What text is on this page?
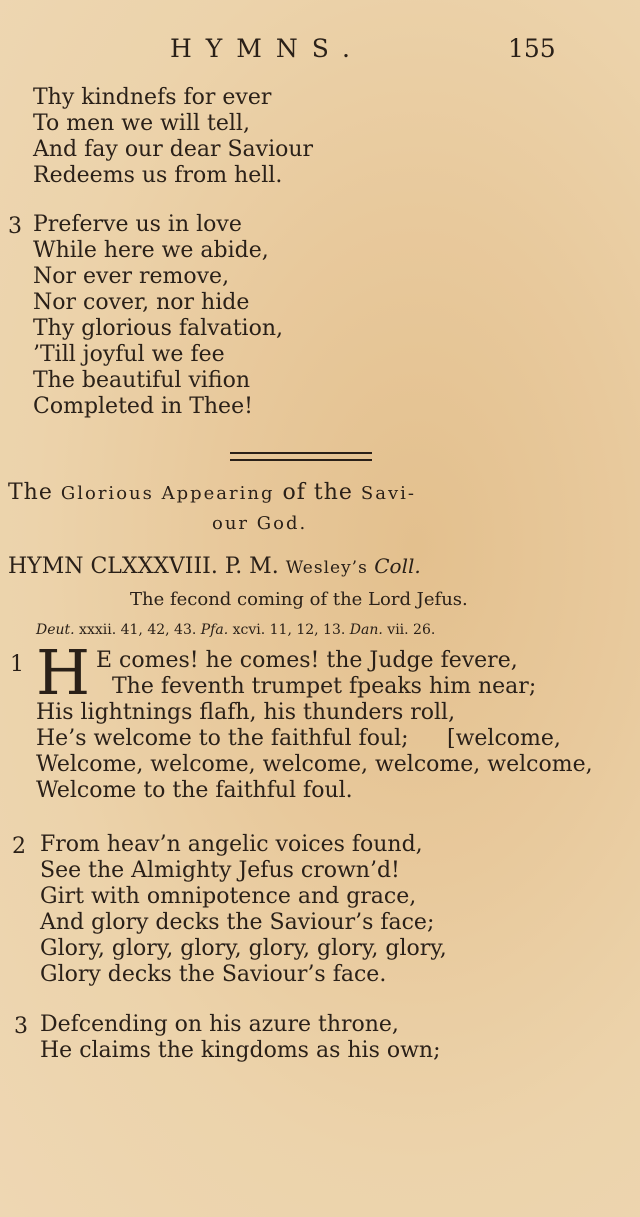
HYMNS.	155
Thy kindnefs for ever
To men we will tell,
And fay our dear Saviour
Redeems us from hell.
3 Preferve us in love
While here we abide,
Nor ever remove,
Nor cover, nor hide
Thy glorious falvation,
’Till joyful we fee
The beautiful vifion
Completed in Thee!
The Glorious Appearing of the Savi-
our God.
HYMN CLXXXVIII. P. M. Wesley’s Coll.
The fecond coming of the Lord Jefus.
Deut. xxxii. 41, 42, 43. Pfa. xcvi. 11, 12, 13. Dan. vii. 26.
1 H E comes! he comes! the Judge fevere,
The feventh trumpet fpeaks him near;
His lightnings flafh, his thunders roll,
He’s welcome to the faithful foul; [welcome,
Welcome, welcome, welcome, welcome, welcome,
Welcome to the faithful foul.
2 From heav’n angelic voices found,
See the Almighty Jefus crown’d!
Girt with omnipotence and grace,
And glory decks the Saviour’s face;
Glory, glory, glory, glory, glory, glory,
Glory decks the Saviour’s face.
3 Defcending on his azure throne,
He claims the kingdoms as his own;
